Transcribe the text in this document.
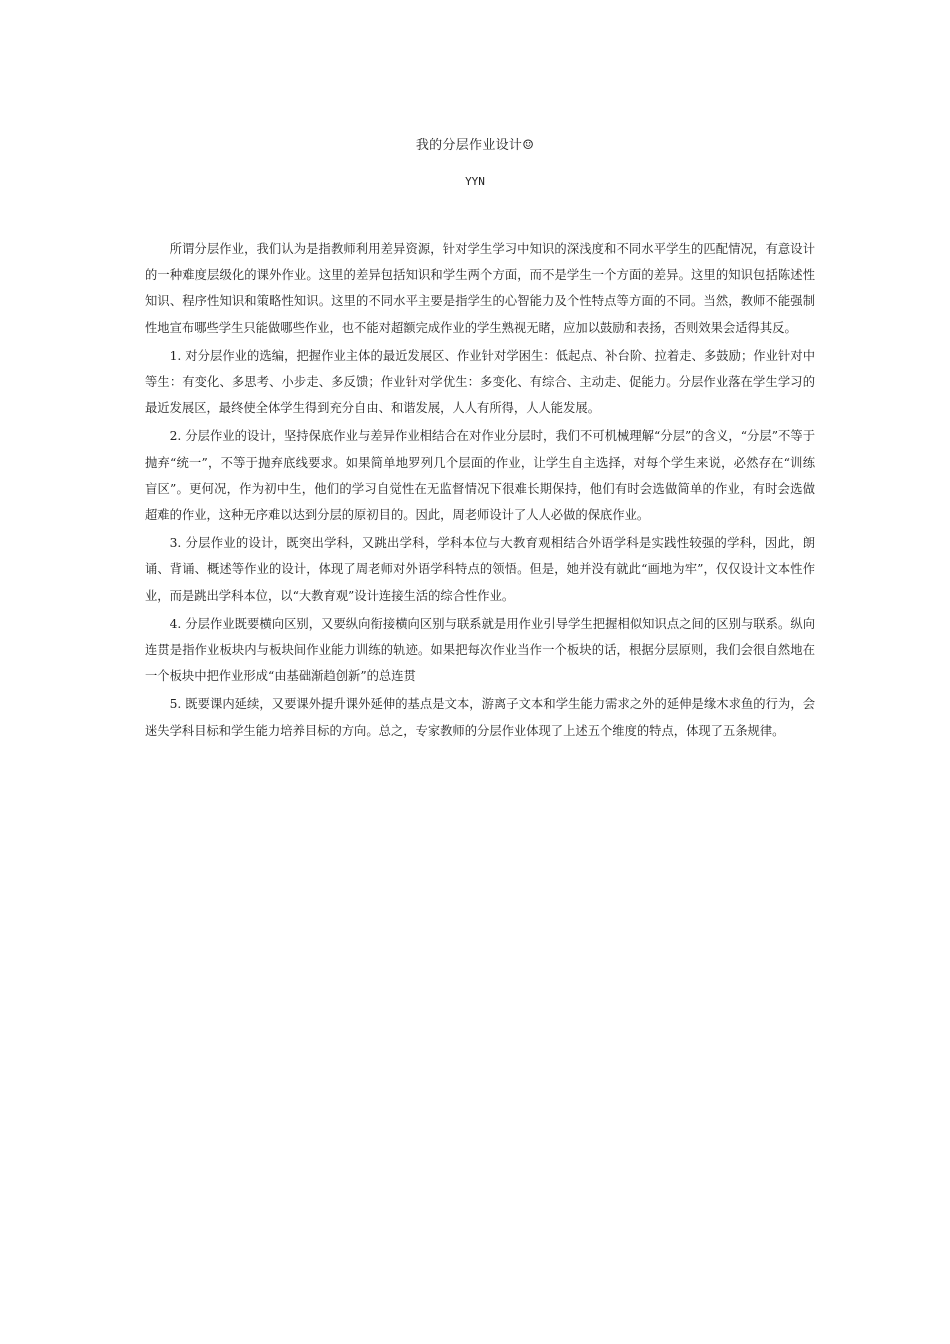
我的分层作业设计☺
YYN

所谓分层作业，我们认为是指教师利用差异资源，针对学生学习中知识的深浅度和不同水平学生的匹配情况，有意设计的一种难度层级化的课外作业。这里的差异包括知识和学生两个方面，而不是学生一个方面的差异。这里的知识包括陈述性知识、程序性知识和策略性知识。这里的不同水平主要是指学生的心智能力及个性特点等方面的不同。当然，教师不能强制性地宣布哪些学生只能做哪些作业，也不能对超额完成作业的学生熟视无睹，应加以鼓励和表扬，否则效果会适得其反。

1. 对分层作业的选编，把握作业主体的最近发展区、作业针对学困生：低起点、补台阶、拉着走、多鼓励；作业针对中等生：有变化、多思考、小步走、多反馈；作业针对学优生：多变化、有综合、主动走、促能力。分层作业落在学生学习的最近发展区，最终使全体学生得到充分自由、和谐发展，人人有所得，人人能发展。

2. 分层作业的设计，坚持保底作业与差异作业相结合在对作业分层时，我们不可机械理解“分层”的含义，“分层”不等于抛弃“统一”，不等于抛弃底线要求。如果简单地罗列几个层面的作业，让学生自主选择，对每个学生来说，必然存在“训练盲区”。更何况，作为初中生，他们的学习自觉性在无监督情况下很难长期保持，他们有时会选做简单的作业，有时会选做超难的作业，这种无序难以达到分层的原初目的。因此，周老师设计了人人必做的保底作业。

3. 分层作业的设计，既突出学科，又跳出学科，学科本位与大教育观相结合外语学科是实践性较强的学科，因此，朗诵、背诵、概述等作业的设计，体现了周老师对外语学科特点的领悟。但是，她并没有就此“画地为牢”，仅仅设计文本性作业，而是跳出学科本位，以“大教育观”设计连接生活的综合性作业。

4. 分层作业既要横向区别，又要纵向衔接横向区别与联系就是用作业引导学生把握相似知识点之间的区别与联系。纵向连贯是指作业板块内与板块间作业能力训练的轨迹。如果把每次作业当作一个板块的话，根据分层原则，我们会很自然地在一个板块中把作业形成“由基础渐趋创新”的总连贯

5. 既要课内延续，又要课外提升课外延伸的基点是文本，游离子文本和学生能力需求之外的延伸是缘木求鱼的行为，会迷失学科目标和学生能力培养目标的方向。总之，专家教师的分层作业体现了上述五个维度的特点，体现了五条规律。
